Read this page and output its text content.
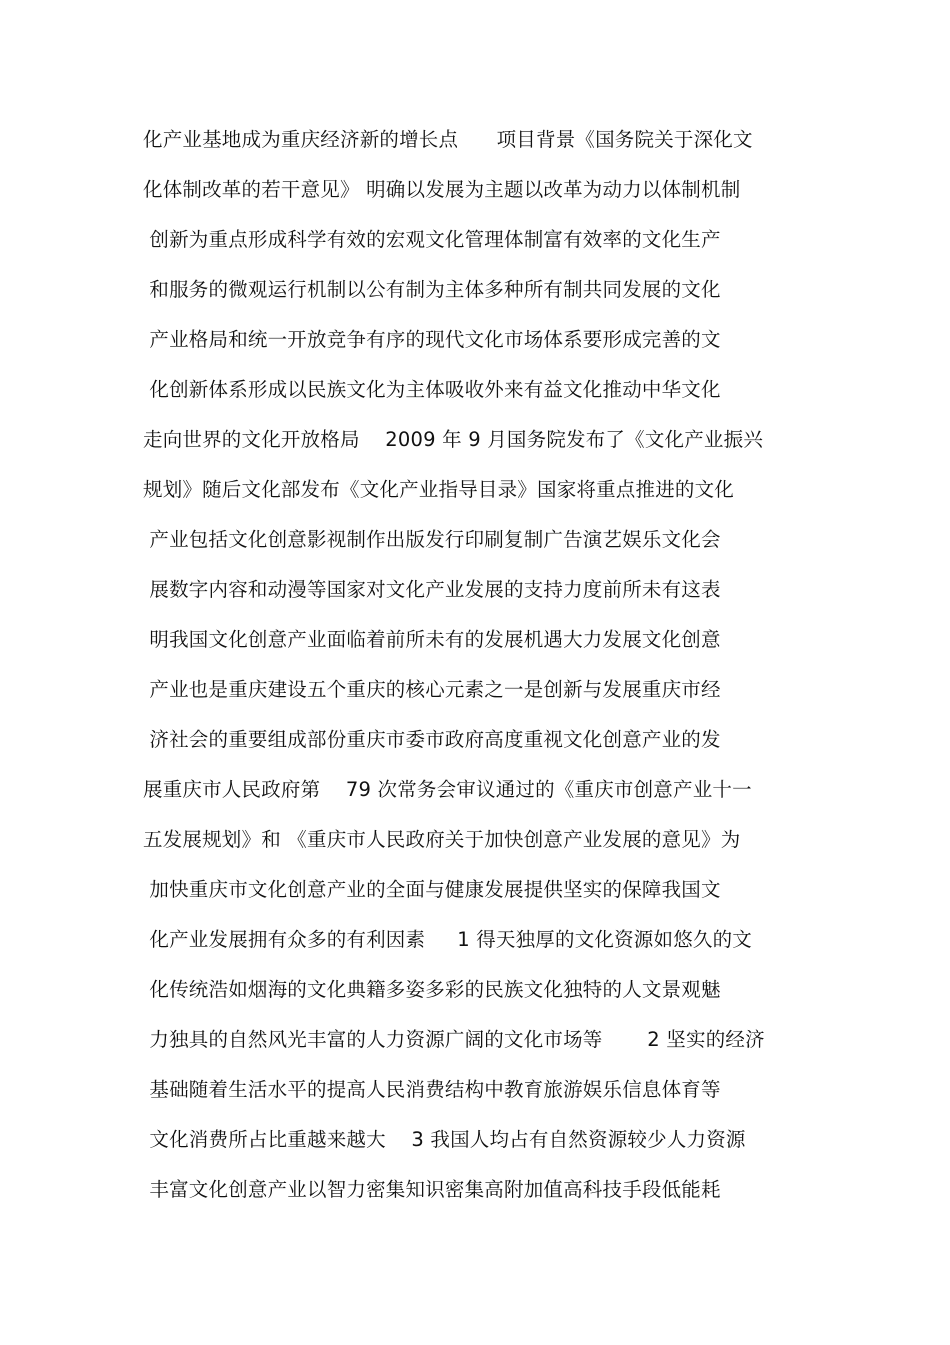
化产业基地成为重庆经济新的增长点      项目背景《国务院关于深化文
化体制改革的若干意见》 明确以发展为主题以改革为动力以体制机制
创新为重点形成科学有效的宏观文化管理体制富有效率的文化生产
和服务的微观运行机制以公有制为主体多种所有制共同发展的文化
产业格局和统一开放竞争有序的现代文化市场体系要形成完善的文
化创新体系形成以民族文化为主体吸收外来有益文化推动中华文化
走向世界的文化开放格局    2009 年 9 月国务院发布了《文化产业振兴
规划》随后文化部发布《文化产业指导目录》国家将重点推进的文化
产业包括文化创意影视制作出版发行印刷复制广告演艺娱乐文化会
展数字内容和动漫等国家对文化产业发展的支持力度前所未有这表
明我国文化创意产业面临着前所未有的发展机遇大力发展文化创意
产业也是重庆建设五个重庆的核心元素之一是创新与发展重庆市经
济社会的重要组成部份重庆市委市政府高度重视文化创意产业的发
展重庆市人民政府第    79 次常务会审议通过的《重庆市创意产业十一
五发展规划》和 《重庆市人民政府关于加快创意产业发展的意见》为
加快重庆市文化创意产业的全面与健康发展提供坚实的保障我国文
化产业发展拥有众多的有利因素     1 得天独厚的文化资源如悠久的文
化传统浩如烟海的文化典籍多姿多彩的民族文化独特的人文景观魅
力独具的自然风光丰富的人力资源广阔的文化市场等       2 坚实的经济
基础随着生活水平的提高人民消费结构中教育旅游娱乐信息体育等
文化消费所占比重越来越大    3 我国人均占有自然资源较少人力资源
丰富文化创意产业以智力密集知识密集高附加值高科技手段低能耗
